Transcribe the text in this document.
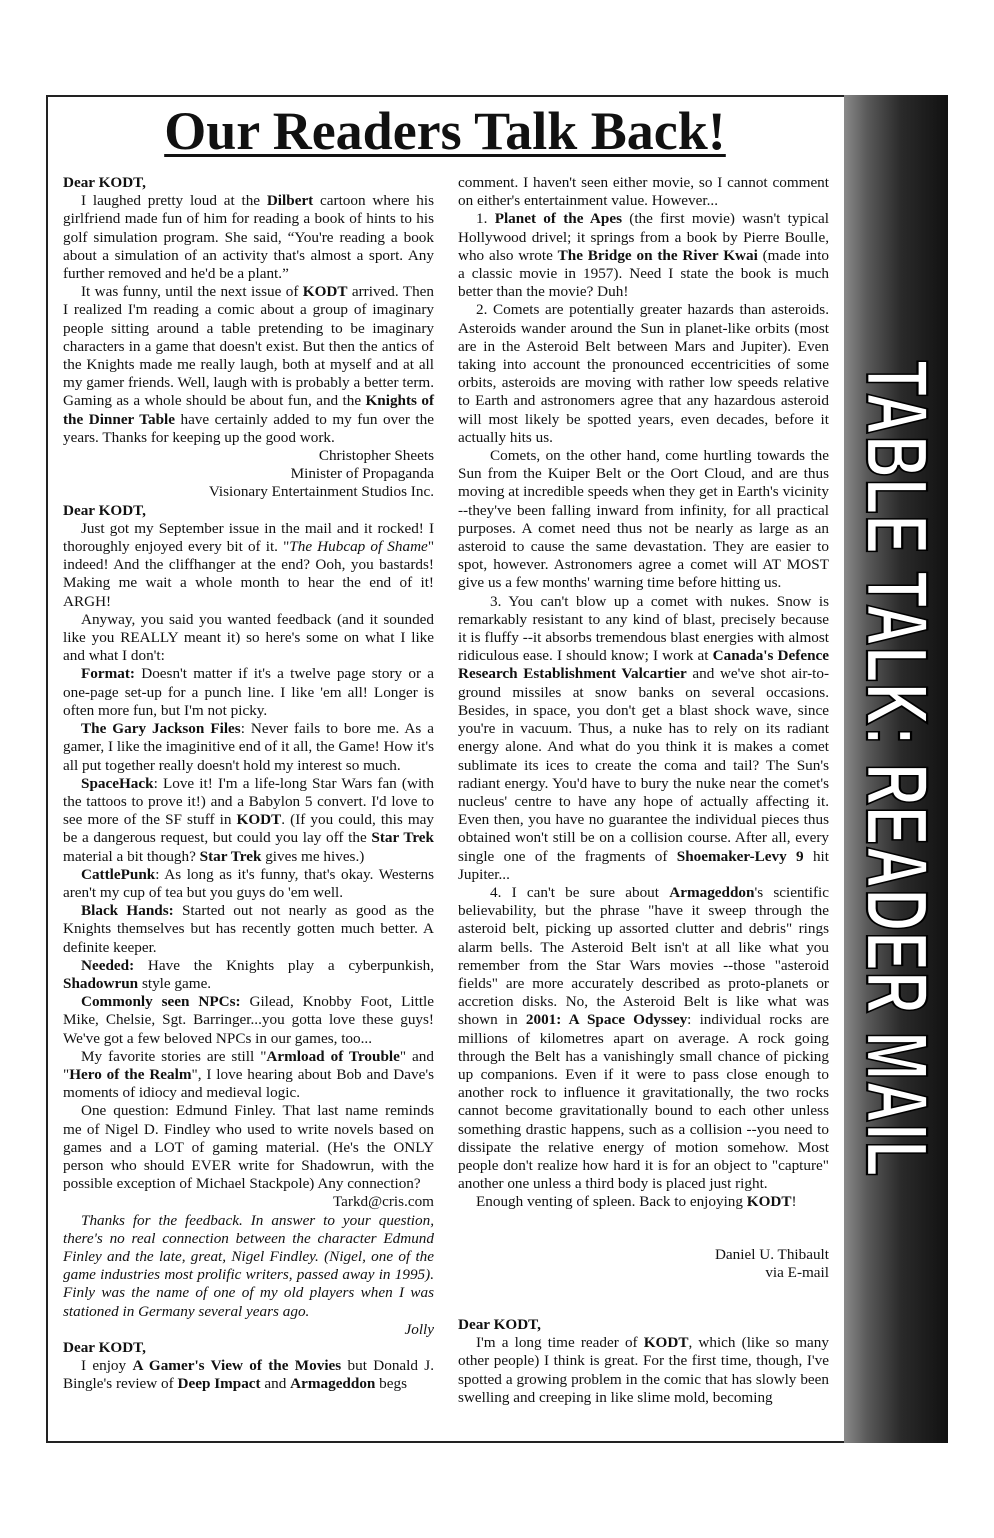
TABLE TALK: READER MAIL
Our Readers Talk Back!

Dear KODT,

I laughed pretty loud at the Dilbert cartoon where his girlfriend made fun of him for reading a book of hints to his golf simulation program. She said, “You're reading a book about a simulation of an activity that's almost a sport. Any further removed and he'd be a plant.”

It was funny, until the next issue of KODT arrived. Then I realized I'm reading a comic about a group of imaginary people sitting around a table pretending to be imaginary characters in a game that doesn't exist. But then the antics of the Knights made me really laugh, both at myself and at all my gamer friends. Well, laugh with is probably a better term. Gaming as a whole should be about fun, and the Knights of the Dinner Table have certainly added to my fun over the years. Thanks for keeping up the good work.

Christopher Sheets

Minister of Propaganda

Visionary Entertainment Studios Inc.

Dear KODT,

Just got my September issue in the mail and it rocked! I thoroughly enjoyed every bit of it. "The Hubcap of Shame" indeed! And the cliffhanger at the end? Ooh, you bastards! Making me wait a whole month to hear the end of it! ARGH!

Anyway, you said you wanted feedback (and it sounded like you REALLY meant it) so here's some on what I like and what I don't:

Format: Doesn't matter if it's a twelve page story or a one-page set-up for a punch line. I like 'em all! Longer is often more fun, but I'm not picky.

The Gary Jackson Files: Never fails to bore me. As a gamer, I like the imaginitive end of it all, the Game! How it's all put together really doesn't hold my interest so much.

SpaceHack: Love it! I'm a life-long Star Wars fan (with the tattoos to prove it!) and a Babylon 5 convert. I'd love to see more of the SF stuff in KODT. (If you could, this may be a dangerous request, but could you lay off the Star Trek material a bit though? Star Trek gives me hives.)

CattlePunk: As long as it's funny, that's okay. Westerns aren't my cup of tea but you guys do 'em well.

Black Hands: Started out not nearly as good as the Knights themselves but has recently gotten much better. A definite keeper.

Needed: Have the Knights play a cyberpunkish, Shadowrun style game.

Commonly seen NPCs: Gilead, Knobby Foot, Little Mike, Chelsie, Sgt. Barringer...you gotta love these guys! We've got a few beloved NPCs in our games, too...

My favorite stories are still "Armload of Trouble" and "Hero of the Realm", I love hearing about Bob and Dave's moments of idiocy and medieval logic.

One question: Edmund Finley. That last name reminds me of Nigel D. Findley who used to write novels based on games and a LOT of gaming material. (He's the ONLY person who should EVER write for Shadowrun, with the possible exception of Michael Stackpole) Any connection?

Tarkd@cris.com

Thanks for the feedback. In answer to your question, there's no real connection between the character Edmund Finley and the late, great, Nigel Findley. (Nigel, one of the game industries most prolific writers, passed away in 1995). Finly was the name of one of my old players when I was stationed in Germany several years ago.

Jolly

Dear KODT,

I enjoy A Gamer's View of the Movies but Donald J. Bingle's review of Deep Impact and Armageddon begs

comment. I haven't seen either movie, so I cannot comment on either's entertainment value. However...

1. Planet of the Apes (the first movie) wasn't typical Hollywood drivel; it springs from a book by Pierre Boulle, who also wrote The Bridge on the River Kwai (made into a classic movie in 1957). Need I state the book is much better than the movie? Duh!

2. Comets are potentially greater hazards than asteroids. Asteroids wander around the Sun in planet-like orbits (most are in the Asteroid Belt between Mars and Jupiter). Even taking into account the pronounced eccentricities of some orbits, asteroids are moving with rather low speeds relative to Earth and astronomers agree that any hazardous asteroid will most likely be spotted years, even decades, before it actually hits us.

Comets, on the other hand, come hurtling towards the Sun from the Kuiper Belt or the Oort Cloud, and are thus moving at incredible speeds when they get in Earth's vicinity --they've been falling inward from infinity, for all practical purposes. A comet need thus not be nearly as large as an asteroid to cause the same devastation. They are easier to spot, however. Astronomers agree a comet will AT MOST give us a few months' warning time before hitting us.

3. You can't blow up a comet with nukes. Snow is remarkably resistant to any kind of blast, precisely because it is fluffy --it absorbs tremendous blast energies with almost ridiculous ease. I should know; I work at Canada's Defence Research Establishment Valcartier and we've shot air-to-ground missiles at snow banks on several occasions. Besides, in space, you don't get a blast shock wave, since you're in vacuum. Thus, a nuke has to rely on its radiant energy alone. And what do you think it is makes a comet sublimate its ices to create the coma and tail? The Sun's radiant energy. You'd have to bury the nuke near the comet's nucleus' centre to have any hope of actually affecting it. Even then, you have no guarantee the individual pieces thus obtained won't still be on a collision course. After all, every single one of the fragments of Shoemaker-Levy 9 hit Jupiter...

4. I can't be sure about Armageddon's scientific believability, but the phrase "have it sweep through the asteroid belt, picking up assorted clutter and debris" rings alarm bells. The Asteroid Belt isn't at all like what you remember from the Star Wars movies --those "asteroid fields" are more accurately described as proto-planets or accretion disks. No, the Asteroid Belt is like what was shown in 2001: A Space Odyssey: individual rocks are millions of kilometres apart on average. A rock going through the Belt has a vanishingly small chance of picking up companions. Even if it were to pass close enough to another rock to influence it gravitationally, the two rocks cannot become gravitationally bound to each other unless something drastic happens, such as a collision --you need to dissipate the relative energy of motion somehow. Most people don't realize how hard it is for an object to "capture" another one unless a third body is placed just right.

Enough venting of spleen. Back to enjoying KODT!

Daniel U. Thibault

via E-mail

Dear KODT,

I'm a long time reader of KODT, which (like so many other people) I think is great. For the first time, though, I've spotted a growing problem in the comic that has slowly been swelling and creeping in like slime mold, becoming
